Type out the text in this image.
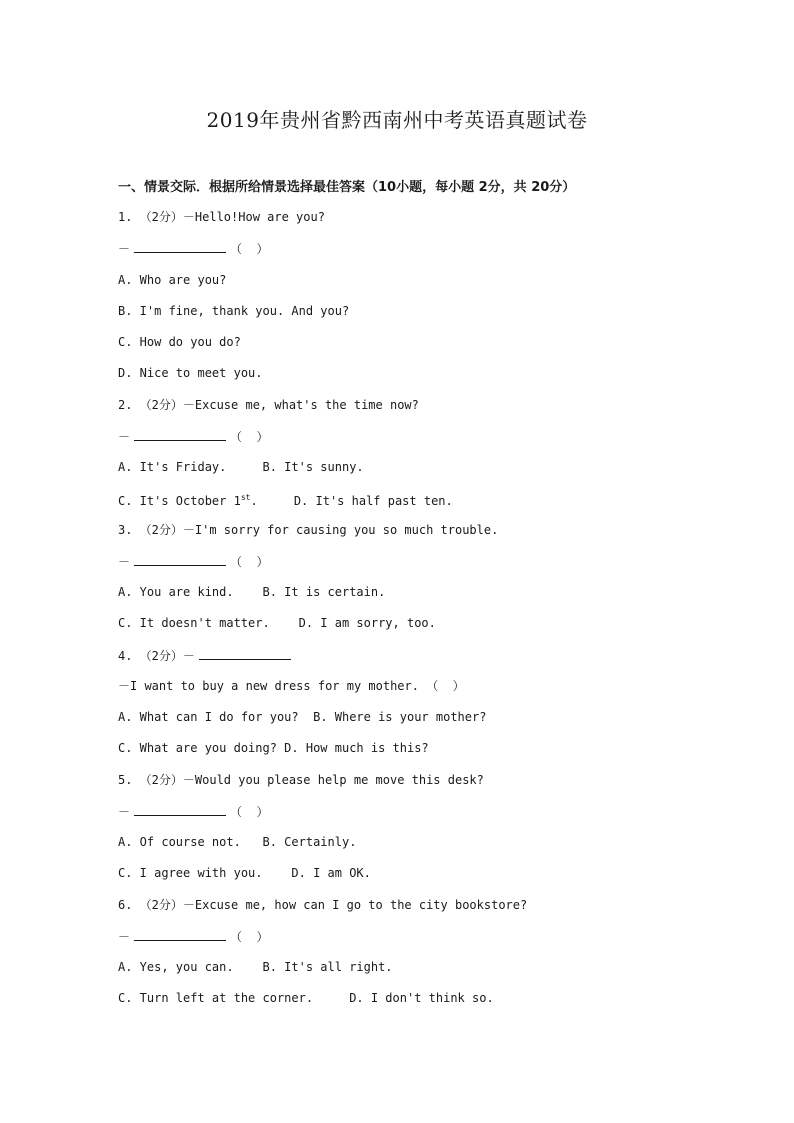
2019年贵州省黔西南州中考英语真题试卷
一、情景交际．根据所给情景选择最佳答案（10小题，每小题 2分，共 20分）
1. （2分）－Hello!How are you?
－	（  ）
A. Who are you?
B. I'm fine, thank you. And you?
C. How do you do?
D. Nice to meet you.
2. （2分）－Excuse me, what's the time now?
－	（  ）
A. It's Friday.     B. It's sunny.
C. It's October 1st.     D. It's half past ten.
3. （2分）－I'm sorry for causing you so much trouble.
－	（  ）
A. You are kind.    B. It is certain.
C. It doesn't matter.    D. I am sorry, too.
4. （2分）－
－I want to buy a new dress for my mother. （  ）
A. What can I do for you?  B. Where is your mother?
C. What are you doing? D. How much is this?
5. （2分）－Would you please help me move this desk?
－	（  ）
A. Of course not.   B. Certainly.
C. I agree with you.    D. I am OK.
6. （2分）－Excuse me, how can I go to the city bookstore?
－	（  ）
A. Yes, you can.    B. It's all right.
C. Turn left at the corner.     D. I don't think so.
